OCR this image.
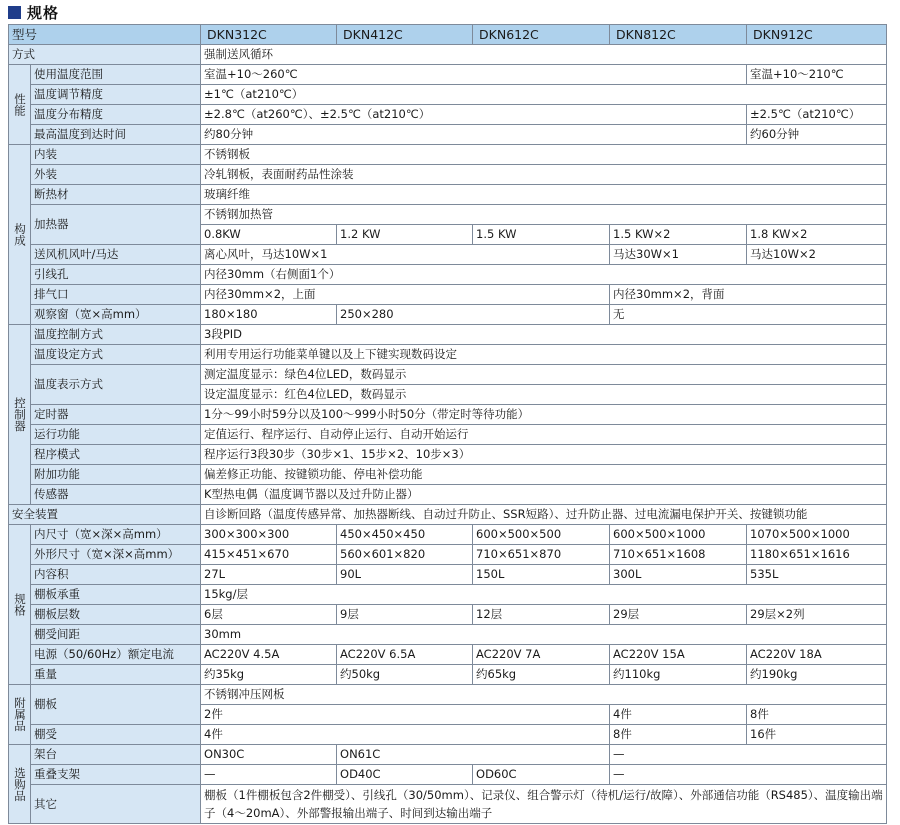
规格
型号		DKN312C	DKN412C	DKN612C	DKN812C	DKN912C
方式		强制送风循环				
性能	使用温度范围	室温+10～260℃				室温+10～210℃
	温度调节精度	±1℃（at210℃）				
	温度分布精度	±2.8℃（at260℃）、±2.5℃（at210℃）				±2.5℃（at210℃）
	最高温度到达时间	约80分钟				约60分钟
构成	内装	不锈钢板				
	外装	冷轧钢板，表面耐药品性涂装				
	断热材	玻璃纤维				
	加热器	不锈钢加热管				
		0.8KW	1.2 KW	1.5 KW	1.5 KW×2	1.8 KW×2
	送风机风叶/马达	离心风叶，马达10W×1			马达30W×1	马达10W×2
	引线孔	内径30mm（右侧面1个）				
	排气口	内径30mm×2，上面			内径30mm×2，背面	
	观察窗（宽×高mm）	180×180	250×280		无	
控制器	温度控制方式	3段PID				
	温度设定方式	利用专用运行功能菜单键以及上下键实现数码设定				
	温度表示方式	测定温度显示：绿色4位LED，数码显示				
		设定温度显示：红色4位LED，数码显示				
	定时器	1分～99小时59分以及100～999小时50分（带定时等待功能）				
	运行功能	定值运行、程序运行、自动停止运行、自动开始运行				
	程序模式	程序运行3段30步（30步×1、15步×2、10步×3）				
	附加功能	偏差修正功能、按键锁功能、停电补偿功能				
	传感器	K型热电偶（温度调节器以及过升防止器）				
安全装置		自诊断回路（温度传感异常、加热器断线、自动过升防止、SSR短路）、过升防止器、过电流漏电保护开关、按键锁功能				
规格	内尺寸（宽×深×高mm）	300×300×300	450×450×450	600×500×500	600×500×1000	1070×500×1000
	外形尺寸（宽×深×高mm）	415×451×670	560×601×820	710×651×870	710×651×1608	1180×651×1616
	内容积	27L	90L	150L	300L	535L
	棚板承重	15kg/层				
	棚板层数	6层	9层	12层	29层	29层×2列
	棚受间距	30mm				
	电源（50/60Hz）额定电流	AC220V 4.5A	AC220V 6.5A	AC220V 7A	AC220V 15A	AC220V 18A
	重量	约35kg	约50kg	约65kg	约110kg	约190kg
附属品	棚板	不锈钢冲压网板				
		2件			4件	8件
	棚受	4件			8件	16件
选购品	架台	ON30C	ON61C		—	
	重叠支架	—	OD40C	OD60C	—	
	其它	棚板（1件棚板包含2件棚受）、引线孔（30/50mm）、记录仪、组合警示灯（待机/运行/故障）、外部通信功能（RS485）、温度输出端子（4～20mA）、外部警报输出端子、时间到达输出端子				
